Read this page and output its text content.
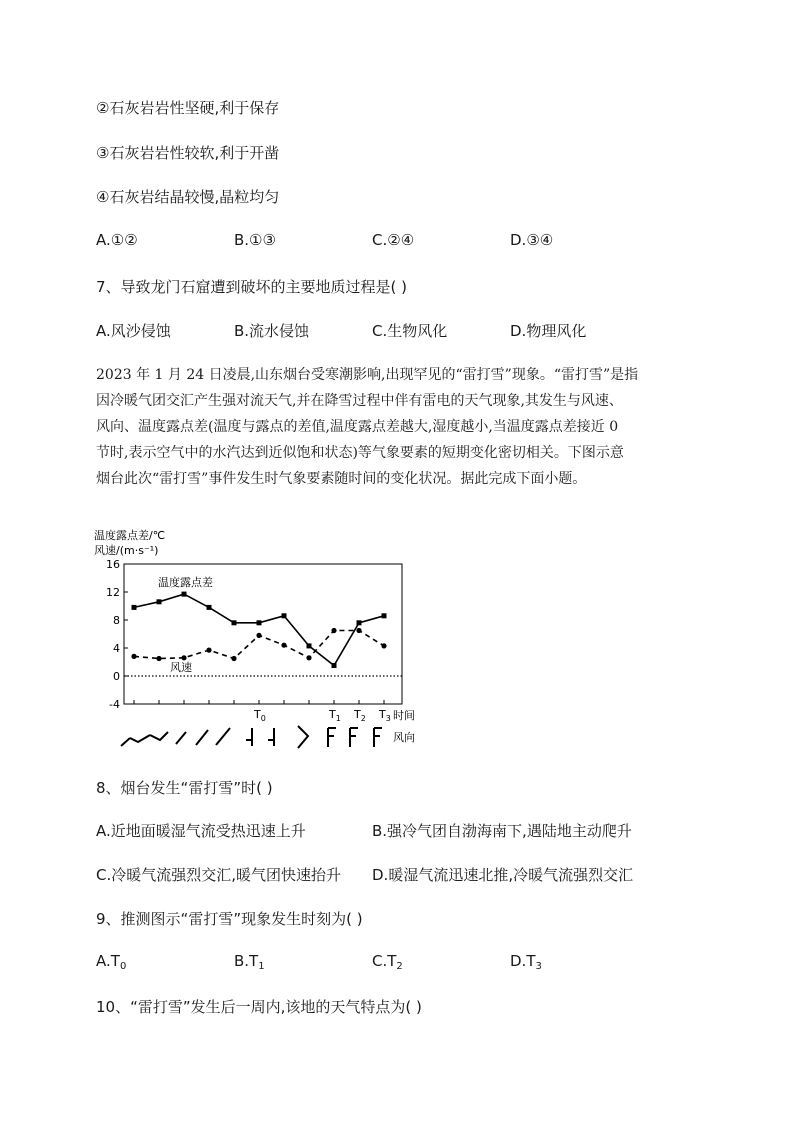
②石灰岩岩性坚硬,利于保存
③石灰岩岩性较软,利于开凿
④石灰岩结晶较慢,晶粒均匀
A.①②	B.①③	C.②④	D.③④
7、导致龙门石窟遭到破坏的主要地质过程是( )
A.风沙侵蚀	B.流水侵蚀	C.生物风化	D.物理风化
2023 年 1 月 24 日凌晨,山东烟台受寒潮影响,出现罕见的“雷打雪”现象。“雷打雪”是指
因冷暖气团交汇产生强对流天气,并在降雪过程中伴有雷电的天气现象,其发生与风速、
风向、温度露点差(温度与露点的差值,温度露点差越大,湿度越小,当温度露点差接近 0
节时,表示空气中的水汽达到近似饱和状态)等气象要素的短期变化密切相关。下图示意
烟台此次“雷打雪”事件发生时气象要素随时间的变化状况。据此完成下面小题。
温度露点差/℃
风速/(m·s⁻¹)
16
12
8
4
0
-4
温度露点差
风速
时间
风向
$T_0$	$T_1$ $T_2$ $T_3$
8、烟台发生“雷打雪”时( )
A.近地面暖湿气流受热迅速上升	B.强冷气团自渤海南下,遇陆地主动爬升
C.冷暖气流强烈交汇,暖气团快速抬升 D.暖湿气流迅速北推,冷暖气流强烈交汇
9、推测图示“雷打雪”现象发生时刻为( )
$A.T_0$	$B.T_1$	$C.T_2$	$D.T_3$
10、“雷打雪”发生后一周内,该地的天气特点为( )
